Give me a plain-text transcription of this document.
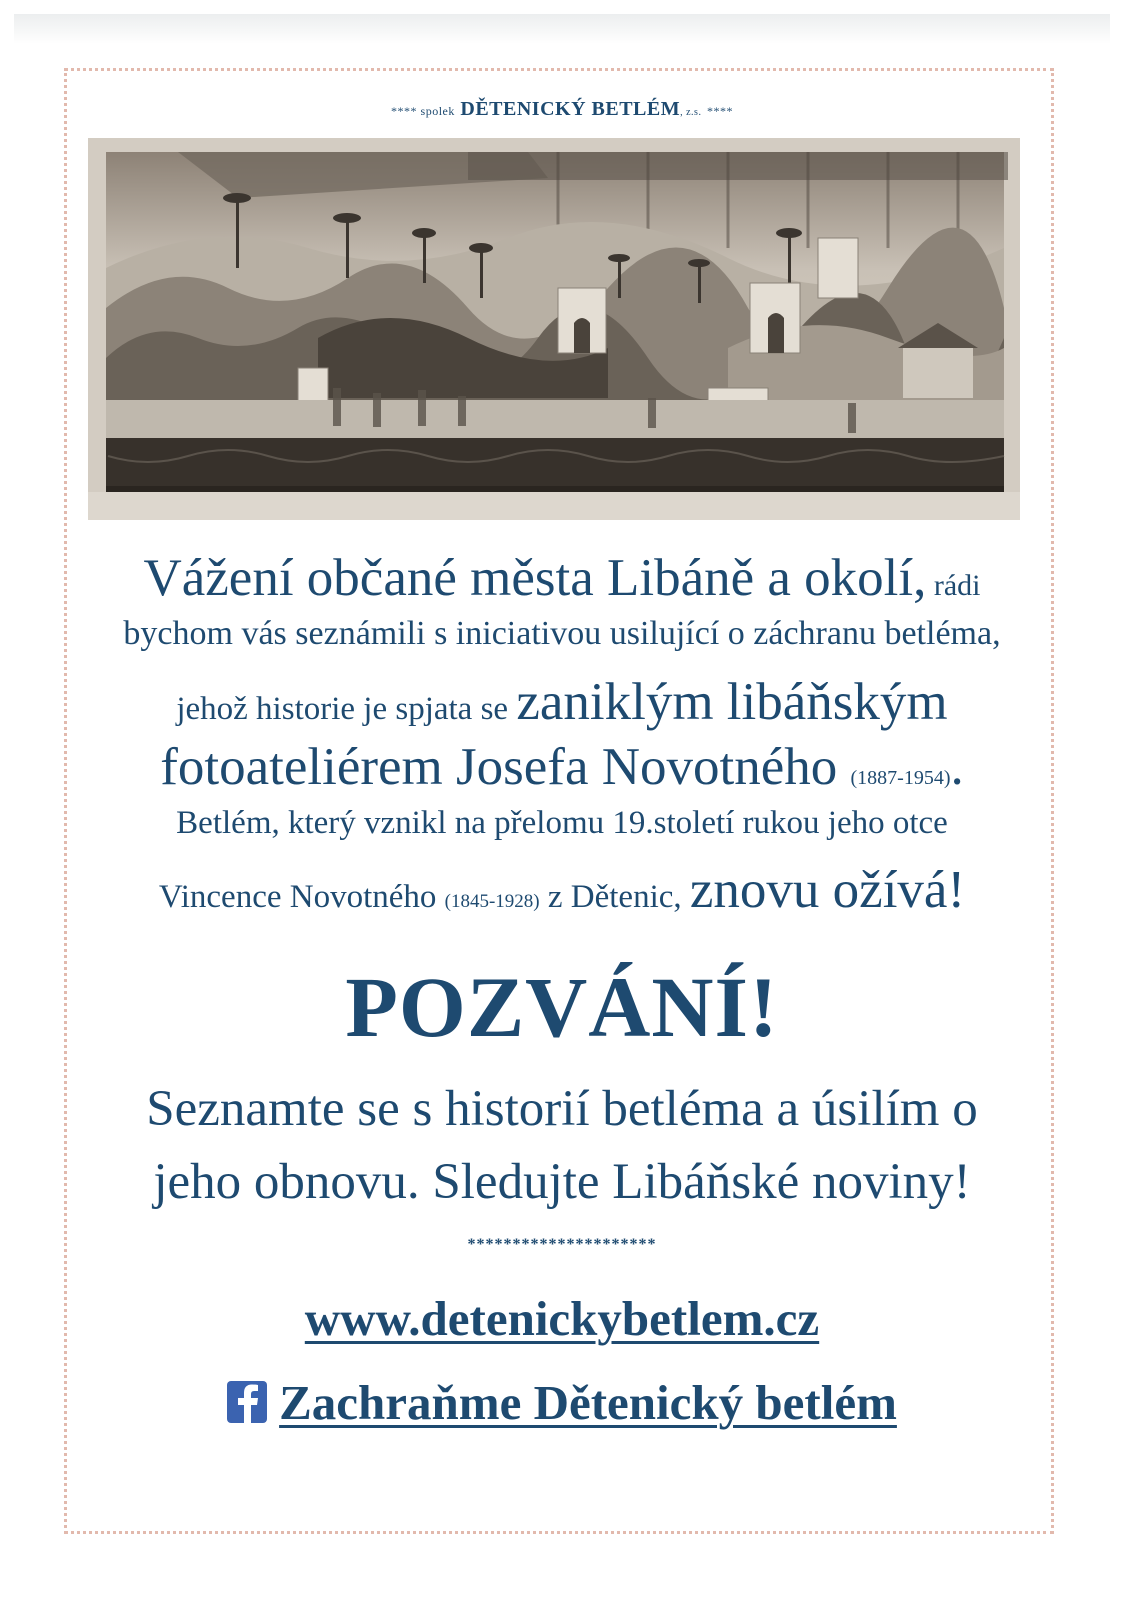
**** spolek DĚTENICKÝ BETLÉM, z.s. ****
Vážení občané města Libáně a okolí, rádi
bychom vás seznámili s iniciativou usilující o záchranu betléma,
jehož historie je spjata se zaniklým libáňským
fotoateliérem Josefa Novotného (1887-1954).
Betlém, který vznikl na přelomu 19.století rukou jeho otce
Vincence Novotného (1845-1928) z Dětenic, znovu ožívá!
POZVÁNÍ!
Seznamte se s historií betléma a úsilím o
jeho obnovu. Sledujte Libáňské noviny!
*********************
www.detenickybetlem.cz
Zachraňme Dětenický betlém
